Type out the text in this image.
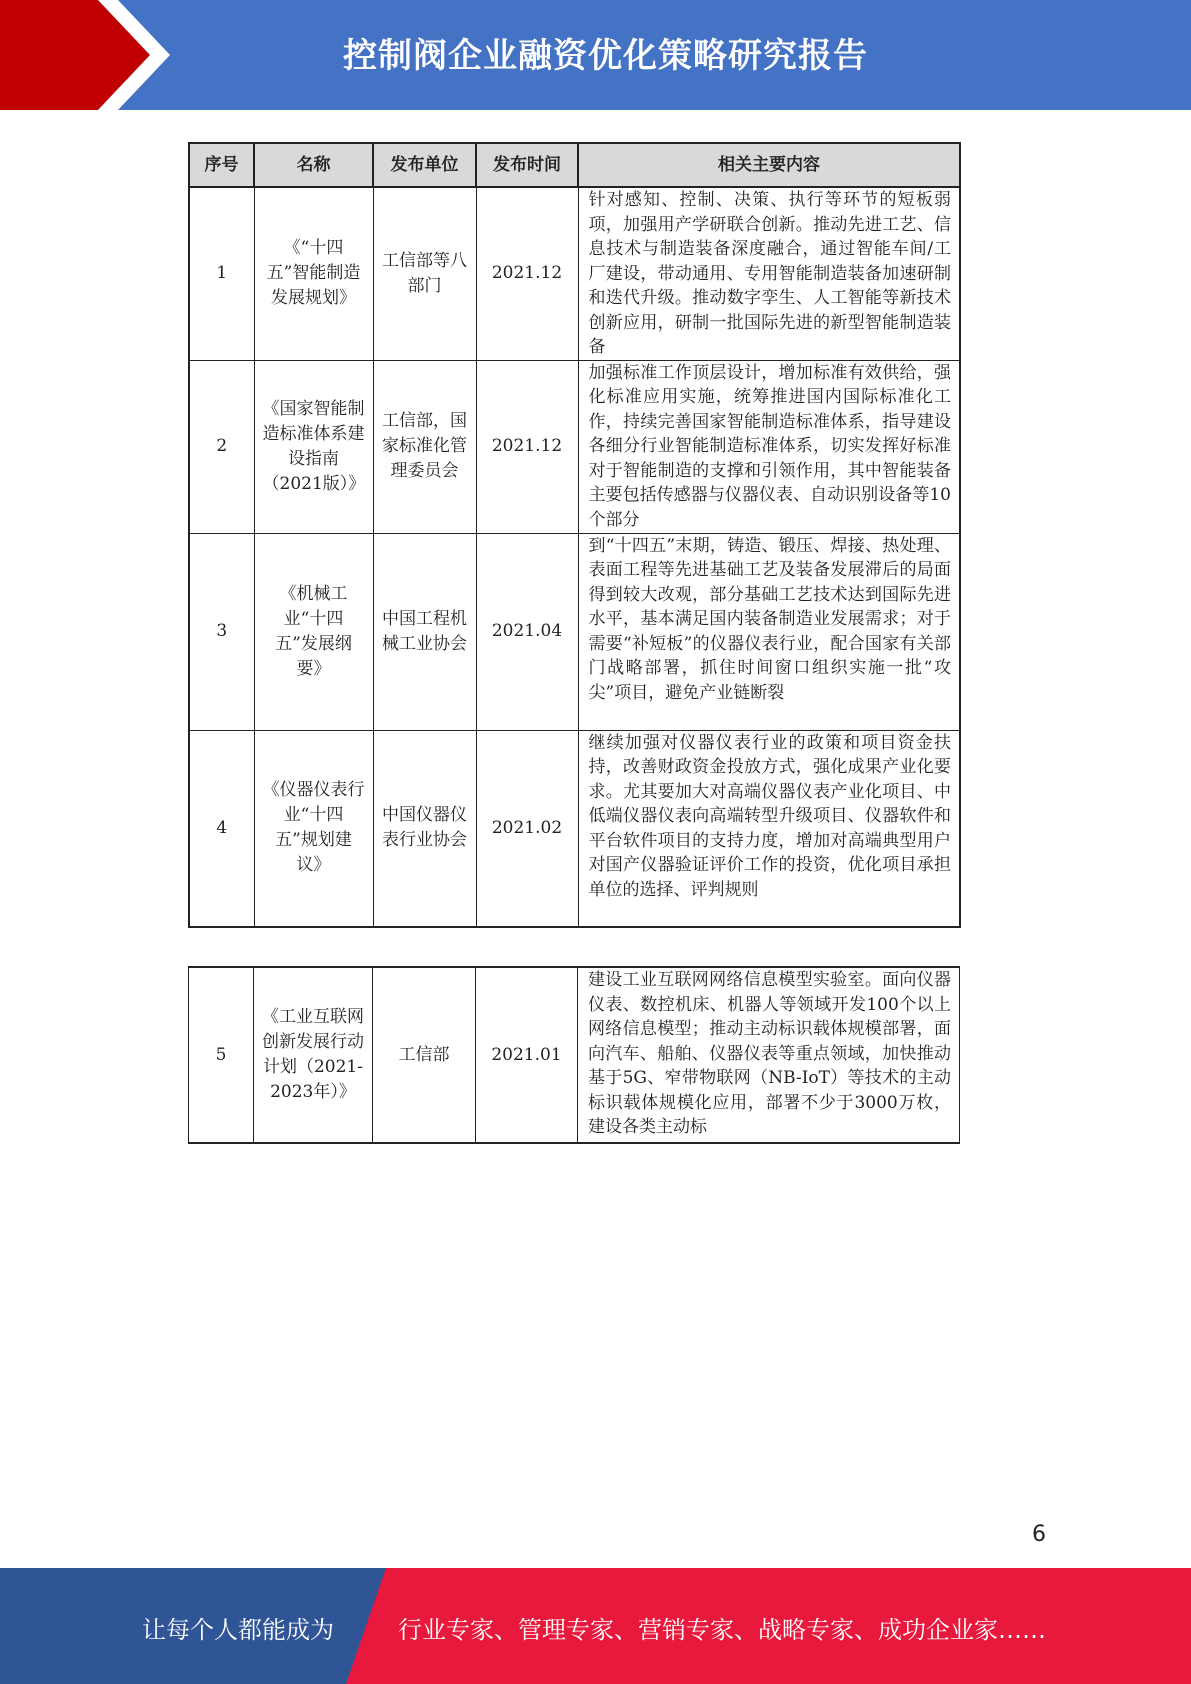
控制阀企业融资优化策略研究报告
序号	名称	发布单位	发布时间	相关主要内容
1	《“十四五”智能制造发展规划》	工信部等八部门	2021.12	针对感知、控制、决策、执行等环节的短板弱项，加强用产学研联合创新。推动先进工艺、信息技术与制造装备深度融合，通过智能车间/工厂建设，带动通用、专用智能制造装备加速研制和迭代升级。推动数字孪生、人工智能等新技术创新应用，研制一批国际先进的新型智能制造装备
2	《国家智能制造标准体系建设指南（2021版）》	工信部，国家标准化管理委员会	2021.12	加强标准工作顶层设计，增加标准有效供给，强化标准应用实施，统筹推进国内国际标准化工作，持续完善国家智能制造标准体系，指导建设各细分行业智能制造标准体系，切实发挥好标准对于智能制造的支撑和引领作用，其中智能装备主要包括传感器与仪器仪表、自动识别设备等10个部分
3	《机械工业“十四五”发展纲要》	中国工程机械工业协会	2021.04	到“十四五”末期，铸造、锻压、焊接、热处理、表面工程等先进基础工艺及装备发展滞后的局面得到较大改观，部分基础工艺技术达到国际先进水平，基本满足国内装备制造业发展需求；对于需要“补短板”的仪器仪表行业，配合国家有关部门战略部署，抓住时间窗口组织实施一批“攻尖”项目，避免产业链断裂
4	《仪器仪表行业“十四五”规划建议》	中国仪器仪表行业协会	2021.02	继续加强对仪器仪表行业的政策和项目资金扶持，改善财政资金投放方式，强化成果产业化要求。尤其要加大对高端仪器仪表产业化项目、中低端仪器仪表向高端转型升级项目、仪器软件和平台软件项目的支持力度，增加对高端典型用户对国产仪器验证评价工作的投资，优化项目承担单位的选择、评判规则
5	《工业互联网创新发展行动计划（2021-2023年）》	工信部	2021.01	建设工业互联网网络信息模型实验室。面向仪器仪表、数控机床、机器人等领域开发100个以上网络信息模型；推动主动标识载体规模部署，面向汽车、船舶、仪器仪表等重点领域，加快推动基于5G、窄带物联网（NB-IoT）等技术的主动标识载体规模化应用，部署不少于3000万枚，建设各类主动标
6
让每个人都能成为	行业专家、管理专家、营销专家、战略专家、成功企业家……
